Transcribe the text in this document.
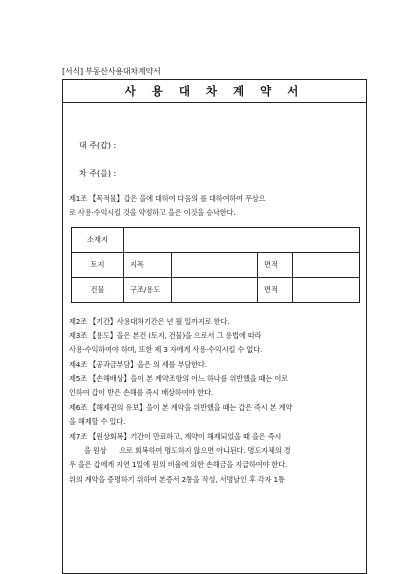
[서식] 부동산사용대차계약서
사 용 대 차 계 약 서
대 주(갑) :
차 주(을) :
제1조 【목적물】갑은 을에 대하여 다음의 를 대하여하여 무상으
로 사용·수익시킬 것을 약정하고 을은 이것을 승낙한다.
소재지				
토지	지목		면적	
건물	구조/용도		면적	
제2조 【기간】사용대차기간은 년 월 일까지로 한다.
제3조 【용도】을은 본건 (토지, 건물)을 으로서 그 용법에 따라
사용·수익하여야 하며, 또한 제 3 자에게 사용·수익시킬 수 없다.
제4조 【공과금부담】을은 의 세를 부담한다.
제5조 【손해배상】을이 본 계약조항의 어느 하나를 위반했을 때는 이로
인하여 갑이 받은 손해를 즉시 배상하여야 한다.
제6조 【해제권의 유보】을이 본 계약을 위반했을 때는 갑은 즉시 본 계약
을 해제할 수 있다.
제7조 【원상회복】기간이 만료하고, 계약이 해제되었을 때 을은 즉시
을 원상      으로 회복하여 명도하지 않으면 아니된다. 명도지체의 경
우 을은 갑에게 지연 1일에 원의 비율에 의한 손해금을 지급하여야 한다.
위의 계약을 증명하기 위하여 본증서 2통을 작성, 서명날인 후 각자 1통
